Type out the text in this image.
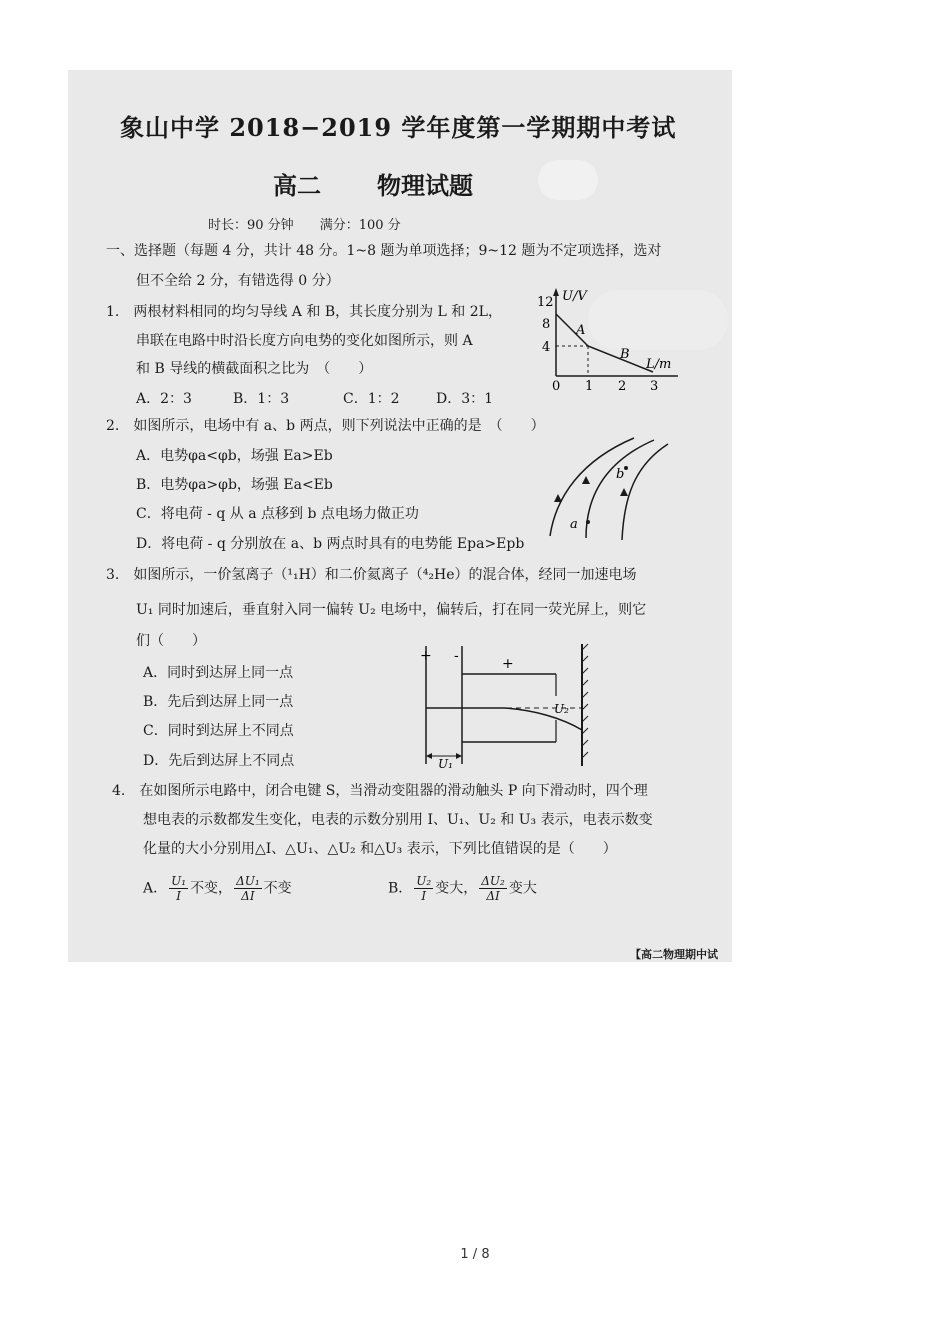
象山中学 2018−2019 学年度第一学期期中考试
高二 物理试题
时长：90 分钟 满分：100 分
一、选择题（每题 4 分，共计 48 分。1~8 题为单项选择；9~12 题为不定项选择，选对
但不全给 2 分，有错选得 0 分）
1.　两根材料相同的均匀导线 A 和 B，其长度分别为 L 和 2L，
串联在电路中时沿长度方向电势的变化如图所示，则 A
和 B 导线的横截面积之比为　（　　）
A．2：3	B．1：3	C．1：2	D．3：1
U/V
12
8
4
0 1 2 3
L/m
A
B
2.　如图所示，电场中有 a、b 两点，则下列说法中正确的是　（　　）
A．电势φa<φb，场强 Ea>Eb
B．电势φa>φb，场强 Ea<Eb
C．将电荷 - q 从 a 点移到 b 点电场力做正功
D．将电荷 - q 分别放在 a、b 两点时具有的电势能 Epa>Epb
a
b
3.　如图所示，一价氢离子（¹₁H）和二价氦离子（⁴₂He）的混合体，经同一加速电场
U₁ 同时加速后，垂直射入同一偏转 U₂ 电场中，偏转后，打在同一荧光屏上，则它
们（　　）
A．同时到达屏上同一点
B．先后到达屏上同一点
C．同时到达屏上不同点
D．先后到达屏上不同点
+ -	+
U₂
U₁
4.　在如图所示电路中，闭合电键 S，当滑动变阻器的滑动触头 P 向下滑动时，四个理
想电表的示数都发生变化，电表的示数分别用 I、U₁、U₂ 和 U₃ 表示，电表示数变
化量的大小分别用△I、△U₁、△U₂ 和△U₃ 表示，下列比值错误的是（　　）
A． $\frac{\text{U₁}}{I}$ 不变， $\frac{\text{ΔU₁}}{\Delta I}$ 不变	B． $\frac{\text{U₂}}{I}$ 变大， $\frac{\text{ΔU₂}}{\Delta I}$ 变大
【高二物理期中试
1 / 8
